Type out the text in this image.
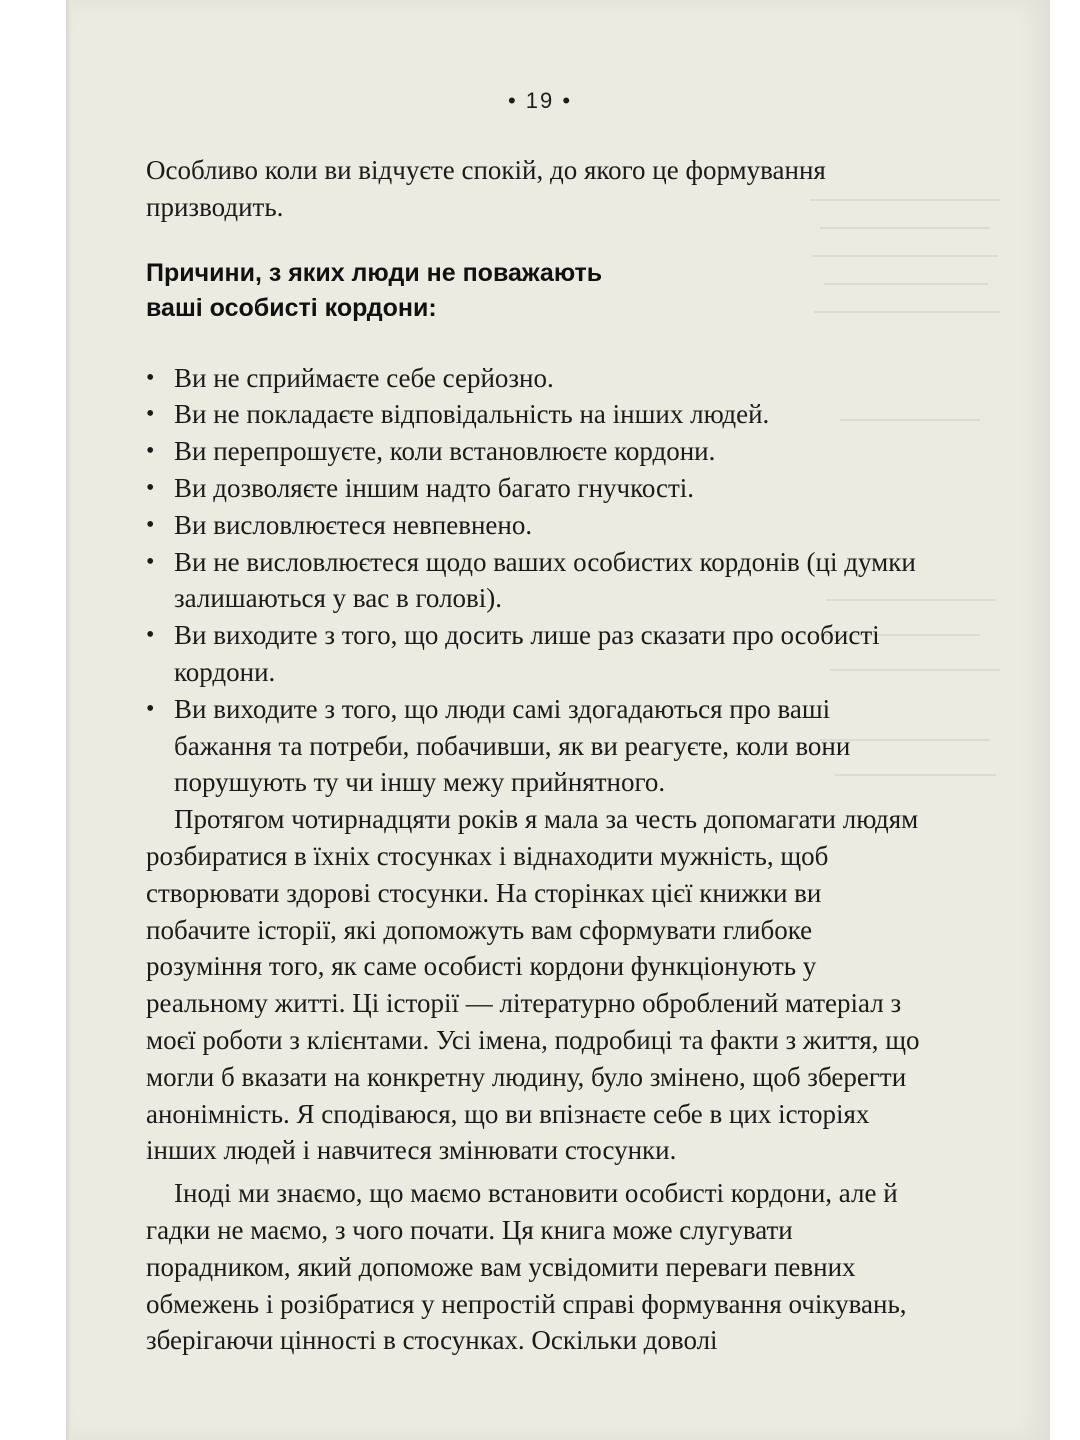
• 19 •

Особливо коли ви відчуєте спокій, до якого це формування призводить.

Причини, з яких люди не поважають
ваші особисті кордони:
• Ви не сприймаєте себе серйозно.
• Ви не покладаєте відповідальність на інших людей.
• Ви перепрошуєте, коли встановлюєте кордони.
• Ви дозволяєте іншим надто багато гнучкості.
• Ви висловлюєтеся невпевнено.
• Ви не висловлюєтеся щодо ваших особистих кордонів (ці думки залишаються у вас в голові).
• Ви виходите з того, що досить лише раз сказати про особисті кордони.
• Ви виходите з того, що люди самі здогадаються про ваші бажання та потреби, побачивши, як ви реагуєте, коли вони порушують ту чи іншу межу прийнятного.

Протягом чотирнадцяти років я мала за честь допомагати людям розбиратися в їхніх стосунках і віднаходити мужність, щоб створювати здорові стосунки. На сторінках цієї книжки ви побачите історії, які допоможуть вам сформувати глибоке розуміння того, як саме особисті кордони функціонують у реальному житті. Ці історії — літературно оброблений матеріал з моєї роботи з клієнтами. Усі імена, подробиці та факти з життя, що могли б вказати на конкретну людину, було змінено, щоб зберегти анонімність. Я сподіваюся, що ви впізнаєте себе в цих історіях інших людей і навчитеся змінювати стосунки.

Іноді ми знаємо, що маємо встановити особисті кордони, але й гадки не маємо, з чого почати. Ця книга може слугувати порадником, який допоможе вам усвідомити переваги певних обмежень і розібратися у непростій справі формування очікувань, зберігаючи цінності в стосунках. Оскільки доволі
